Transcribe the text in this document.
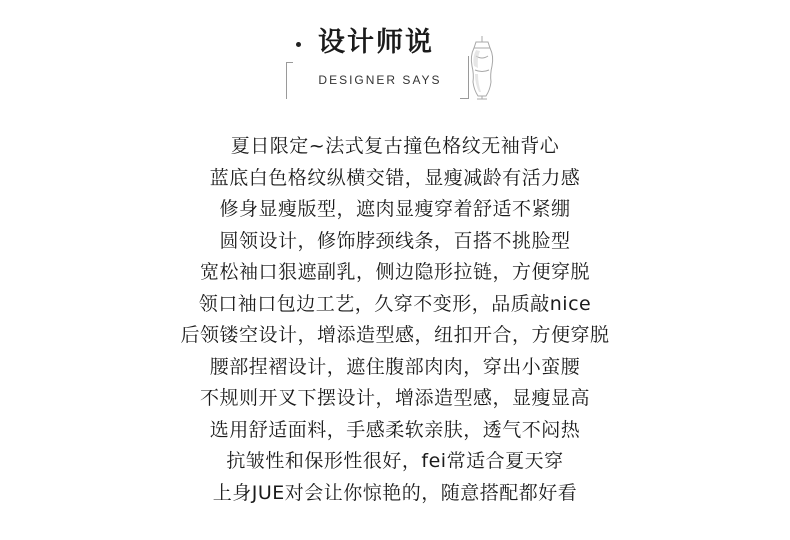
设计师说
DESIGNER SAYS
夏日限定~法式复古撞色格纹无袖背心
蓝底白色格纹纵横交错，显瘦减龄有活力感
修身显瘦版型，遮肉显瘦穿着舒适不紧绷
圆领设计，修饰脖颈线条，百搭不挑脸型
宽松袖口狠遮副乳，侧边隐形拉链，方便穿脱
领口袖口包边工艺，久穿不变形，品质敲nice
后领镂空设计，增添造型感，纽扣开合，方便穿脱
腰部捏褶设计，遮住腹部肉肉，穿出小蛮腰
不规则开叉下摆设计，增添造型感，显瘦显高
选用舒适面料，手感柔软亲肤，透气不闷热
抗皱性和保形性很好，fei常适合夏天穿
上身JUE对会让你惊艳的，随意搭配都好看
